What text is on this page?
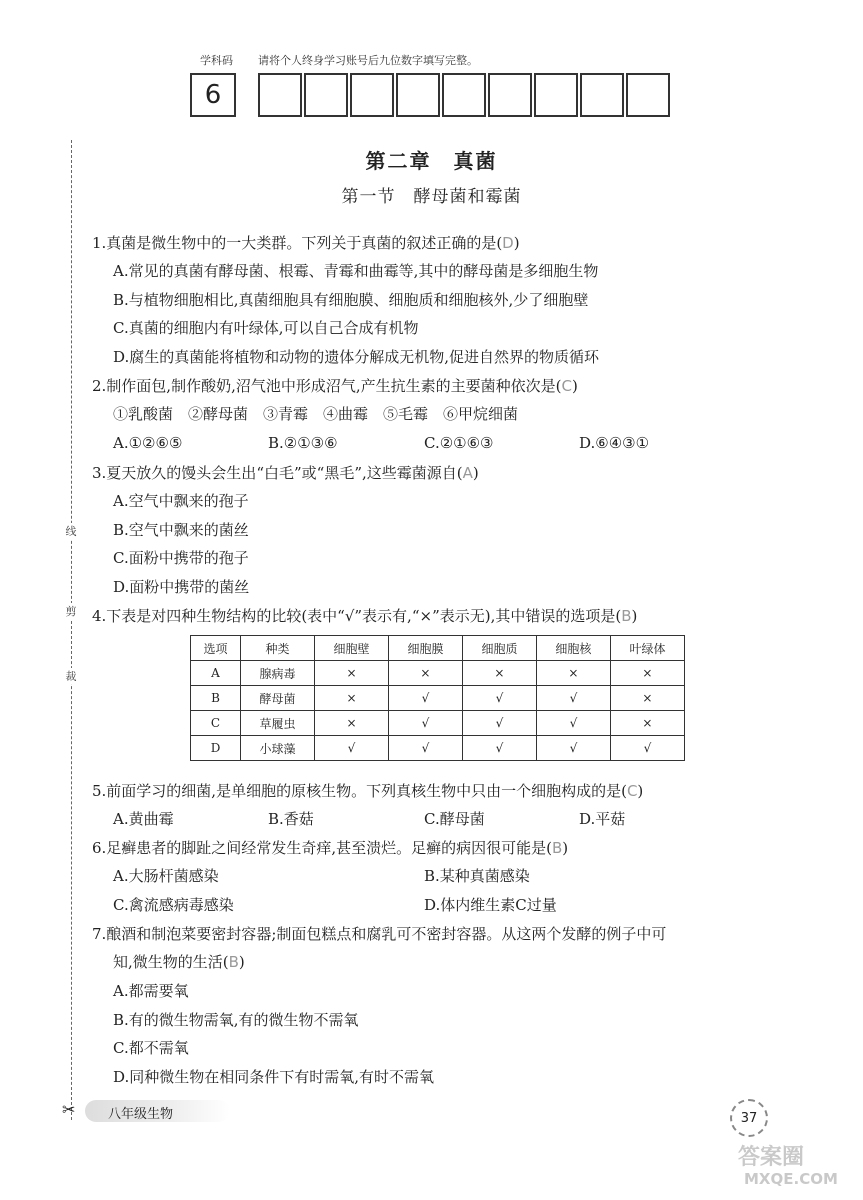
学科码 请将个人终身学习账号后九位数字填写完整。
6
线
剪
裁
第二章　真菌
第一节　酵母菌和霉菌
1.真菌是微生物中的一大类群。下列关于真菌的叙述正确的是(D)
A.常见的真菌有酵母菌、根霉、青霉和曲霉等,其中的酵母菌是多细胞生物
B.与植物细胞相比,真菌细胞具有细胞膜、细胞质和细胞核外,少了细胞壁
C.真菌的细胞内有叶绿体,可以自己合成有机物
D.腐生的真菌能将植物和动物的遗体分解成无机物,促进自然界的物质循环
2.制作面包,制作酸奶,沼气池中形成沼气,产生抗生素的主要菌种依次是(C)
①乳酸菌　②酵母菌　③青霉　④曲霉　⑤毛霉　⑥甲烷细菌
A.①②⑥⑤	B.②①③⑥	C.②①⑥③	D.⑥④③①
3.夏天放久的馒头会生出“白毛”或“黑毛”,这些霉菌源自(A)
A.空气中飘来的孢子
B.空气中飘来的菌丝
C.面粉中携带的孢子
D.面粉中携带的菌丝
4.下表是对四种生物结构的比较(表中“√”表示有,“×”表示无),其中错误的选项是(B)
选项	种类	细胞壁	细胞膜	细胞质	细胞核	叶绿体
A	腺病毒	×	×	×	×	×
B	酵母菌	×	√	√	√	×
C	草履虫	×	√	√	√	×
D	小球藻	√	√	√	√	√
5.前面学习的细菌,是单细胞的原核生物。下列真核生物中只由一个细胞构成的是(C)
A.黄曲霉	B.香菇	C.酵母菌	D.平菇
6.足癣患者的脚趾之间经常发生奇痒,甚至溃烂。足癣的病因很可能是(B)
A.大肠杆菌感染	B.某种真菌感染
C.禽流感病毒感染	D.体内维生素C过量
7.酿酒和制泡菜要密封容器;制面包糕点和腐乳可不密封容器。从这两个发酵的例子中可
知,微生物的生活(B)
A.都需要氧
B.有的微生物需氧,有的微生物不需氧
C.都不需氧
D.同种微生物在相同条件下有时需氧,有时不需氧
✂	八年级生物	37
答案圈
MXQE.COM
